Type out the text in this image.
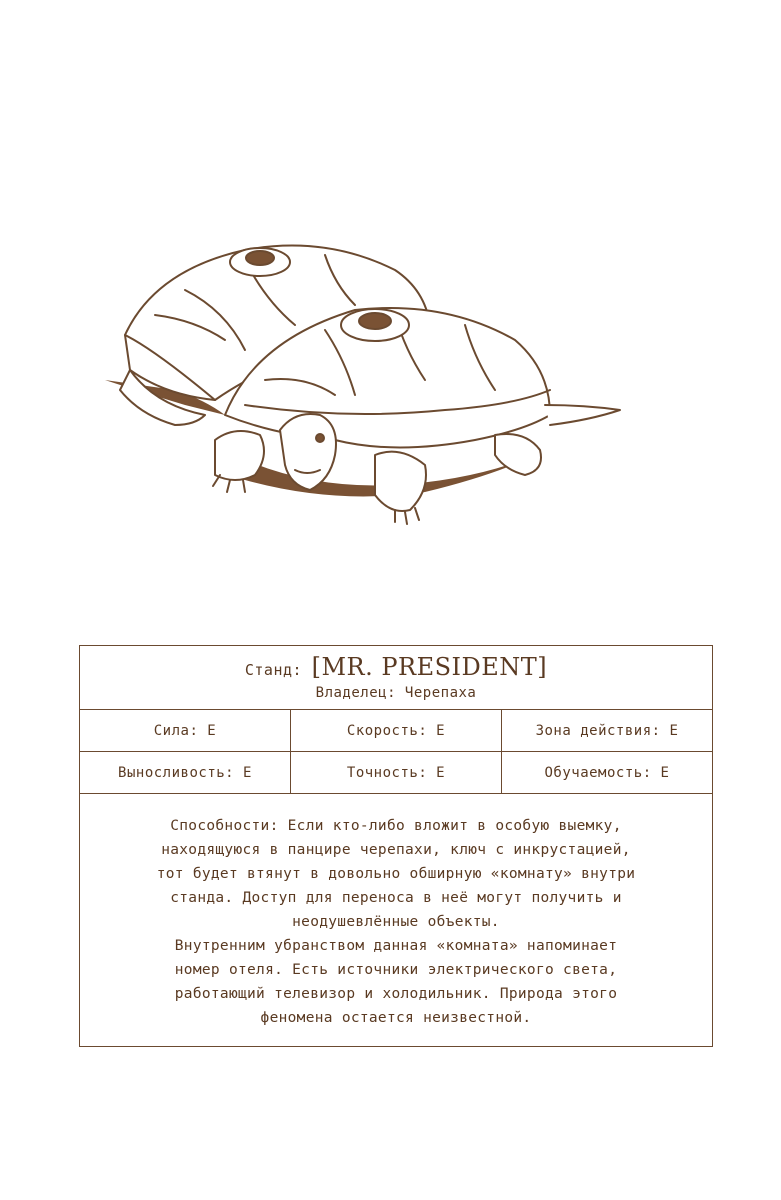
Станд: [MR. PRESIDENT]
Владелец: Черепаха
Сила: E	Скорость: E	Зона действия: E
Выносливость: E	Точность: E	Обучаемость: E

Способности: Если кто-либо вложит в особую выемку,

находящуюся в панцире черепахи, ключ с инкрустацией,

тот будет втянут в довольно обширную «комнату» внутри

станда. Доступ для переноса в неё могут получить и

неодушевлённые объекты.

Внутренним убранством данная «комната» напоминает

номер отеля. Есть источники электрического света,

работающий телевизор и холодильник. Природа этого

феномена остается неизвестной.
